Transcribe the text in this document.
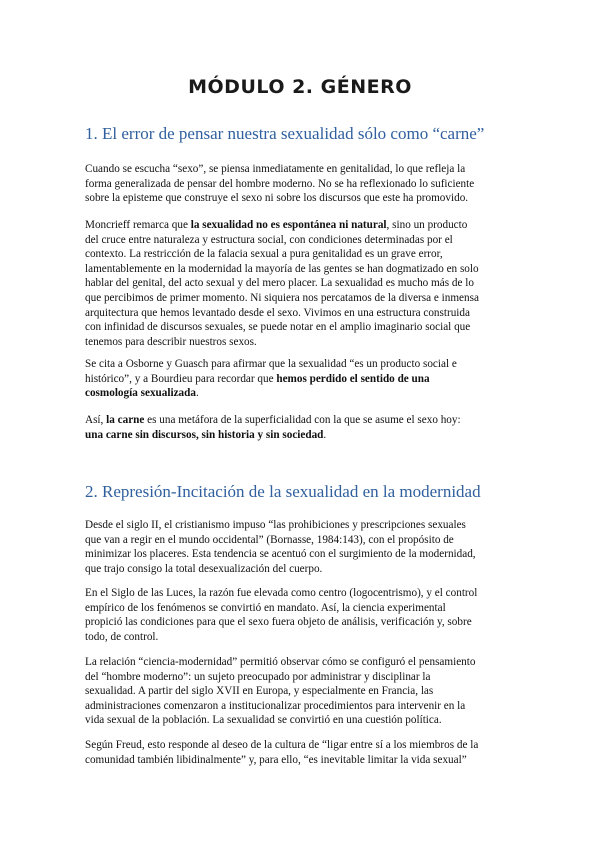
MÓDULO 2. GÉNERO
1. El error de pensar nuestra sexualidad sólo como “carne”
Cuando se escucha “sexo”, se piensa inmediatamente en genitalidad, lo que refleja la
forma generalizada de pensar del hombre moderno. No se ha reflexionado lo suficiente
sobre la episteme que construye el sexo ni sobre los discursos que este ha promovido.
Moncrieff remarca que la sexualidad no es espontánea ni natural, sino un producto
del cruce entre naturaleza y estructura social, con condiciones determinadas por el
contexto. La restricción de la falacia sexual a pura genitalidad es un grave error,
lamentablemente en la modernidad la mayoría de las gentes se han dogmatizado en solo
hablar del genital, del acto sexual y del mero placer. La sexualidad es mucho más de lo
que percibimos de primer momento. Ni siquiera nos percatamos de la diversa e inmensa
arquitectura que hemos levantado desde el sexo. Vivimos en una estructura construida
con infinidad de discursos sexuales, se puede notar en el amplio imaginario social que
tenemos para describir nuestros sexos.
Se cita a Osborne y Guasch para afirmar que la sexualidad “es un producto social e
histórico”, y a Bourdieu para recordar que hemos perdido el sentido de una
cosmología sexualizada.
Así, la carne es una metáfora de la superficialidad con la que se asume el sexo hoy:
una carne sin discursos, sin historia y sin sociedad.
2. Represión-Incitación de la sexualidad en la modernidad
Desde el siglo II, el cristianismo impuso “las prohibiciones y prescripciones sexuales
que van a regir en el mundo occidental” (Bornasse, 1984:143), con el propósito de
minimizar los placeres. Esta tendencia se acentuó con el surgimiento de la modernidad,
que trajo consigo la total desexualización del cuerpo.
En el Siglo de las Luces, la razón fue elevada como centro (logocentrismo), y el control
empírico de los fenómenos se convirtió en mandato. Así, la ciencia experimental
propició las condiciones para que el sexo fuera objeto de análisis, verificación y, sobre
todo, de control.
La relación “ciencia-modernidad” permitió observar cómo se configuró el pensamiento
del “hombre moderno”: un sujeto preocupado por administrar y disciplinar la
sexualidad. A partir del siglo XVII en Europa, y especialmente en Francia, las
administraciones comenzaron a institucionalizar procedimientos para intervenir en la
vida sexual de la población. La sexualidad se convirtió en una cuestión política.
Según Freud, esto responde al deseo de la cultura de “ligar entre sí a los miembros de la
comunidad también libidinalmente” y, para ello, “es inevitable limitar la vida sexual”
